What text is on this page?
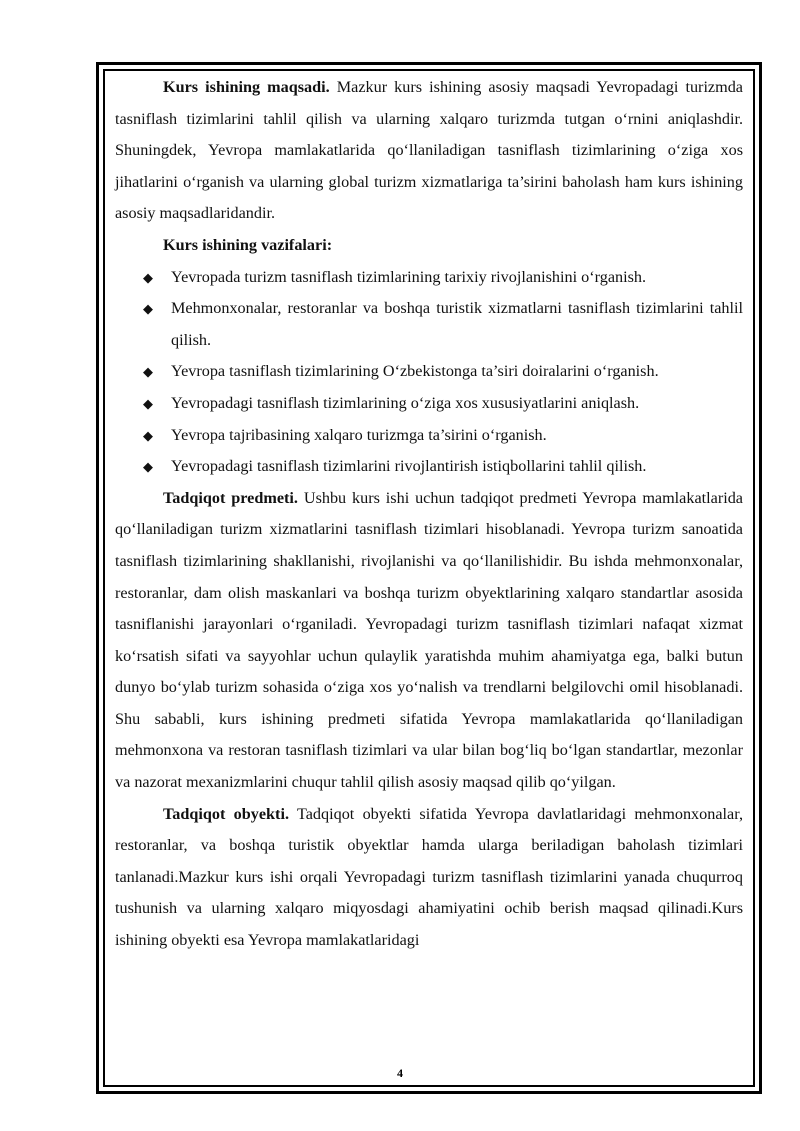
Kurs ishining maqsadi. Mazkur kurs ishining asosiy maqsadi Yevropadagi turizmda tasniflash tizimlarini tahlil qilish va ularning xalqaro turizmda tutgan o‘rnini aniqlashdir. Shuningdek, Yevropa mamlakatlarida qo‘llaniladigan tasniflash tizimlarining o‘ziga xos jihatlarini o‘rganish va ularning global turizm xizmatlariga ta’sirini baholash ham kurs ishining asosiy maqsadlaridandir.

Kurs ishining vazifalari:

◆ Yevropada turizm tasniflash tizimlarining tarixiy rivojlanishini o‘rganish.
◆ Mehmonxonalar, restoranlar va boshqa turistik xizmatlarni tasniflash tizimlarini tahlil qilish.
◆ Yevropa tasniflash tizimlarining O‘zbekistonga ta’siri doiralarini o‘rganish.
◆ Yevropadagi tasniflash tizimlarining o‘ziga xos xususiyatlarini aniqlash.
◆ Yevropa tajribasining xalqaro turizmga ta’sirini o‘rganish.
◆ Yevropadagi tasniflash tizimlarini rivojlantirish istiqbollarini tahlil qilish.

Tadqiqot predmeti. Ushbu kurs ishi uchun tadqiqot predmeti Yevropa mamlakatlarida qo‘llaniladigan turizm xizmatlarini tasniflash tizimlari hisoblanadi. Yevropa turizm sanoatida tasniflash tizimlarining shakllanishi, rivojlanishi va qo‘llanilishidir. Bu ishda mehmonxonalar, restoranlar, dam olish maskanlari va boshqa turizm obyektlarining xalqaro standartlar asosida tasniflanishi jarayonlari o‘rganiladi. Yevropadagi turizm tasniflash tizimlari nafaqat xizmat ko‘rsatish sifati va sayyohlar uchun qulaylik yaratishda muhim ahamiyatga ega, balki butun dunyo bo‘ylab turizm sohasida o‘ziga xos yo‘nalish va trendlarni belgilovchi omil hisoblanadi. Shu sababli, kurs ishining predmeti sifatida Yevropa mamlakatlarida qo‘llaniladigan mehmonxona va restoran tasniflash tizimlari va ular bilan bog‘liq bo‘lgan standartlar, mezonlar va nazorat mexanizmlarini chuqur tahlil qilish asosiy maqsad qilib qo‘yilgan.

Tadqiqot obyekti. Tadqiqot obyekti sifatida Yevropa davlatlaridagi mehmonxonalar, restoranlar, va boshqa turistik obyektlar hamda ularga beriladigan baholash tizimlari tanlanadi.Mazkur kurs ishi orqali Yevropadagi turizm tasniflash tizimlarini yanada chuqurroq tushunish va ularning xalqaro miqyosdagi ahamiyatini ochib berish maqsad qilinadi.Kurs ishining obyekti esa Yevropa mamlakatlaridagi

4
